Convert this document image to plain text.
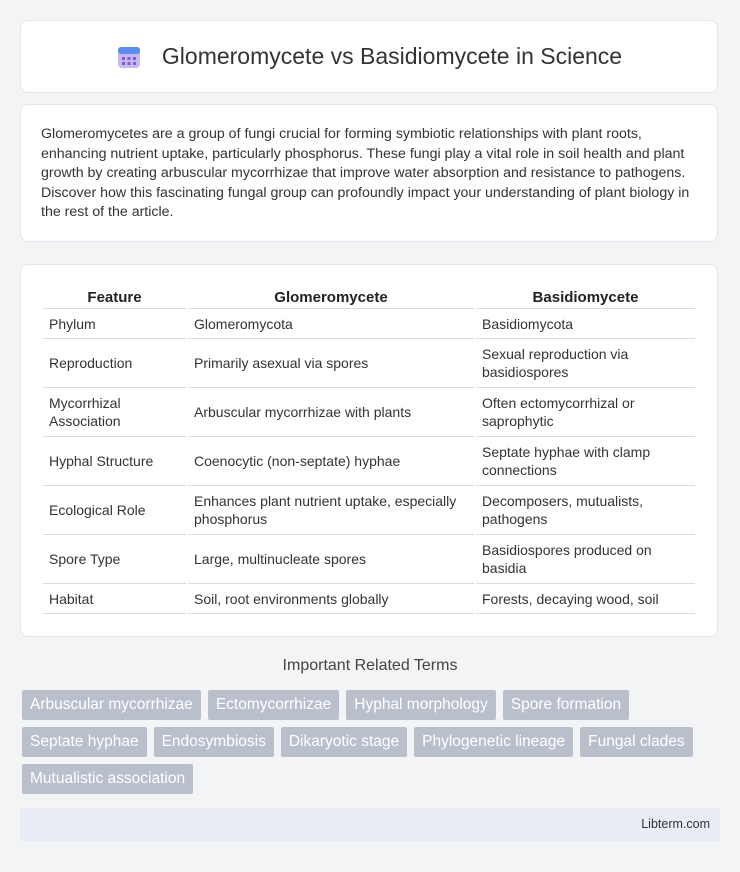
Glomeromycete vs Basidiomycete in Science

Glomeromycetes are a group of fungi crucial for forming symbiotic relationships with plant roots, enhancing nutrient uptake, particularly phosphorus. These fungi play a vital role in soil health and plant growth by creating arbuscular mycorrhizae that improve water absorption and resistance to pathogens. Discover how this fascinating fungal group can profoundly impact your understanding of plant biology in the rest of the article.

Feature	Glomeromycete	Basidiomycete
Phylum	Glomeromycota	Basidiomycota
Reproduction	Primarily asexual via spores	Sexual reproduction via basidiospores
Mycorrhizal Association	Arbuscular mycorrhizae with plants	Often ectomycorrhizal or saprophytic
Hyphal Structure	Coenocytic (non-septate) hyphae	Septate hyphae with clamp connections
Ecological Role	Enhances plant nutrient uptake, especially phosphorus	Decomposers, mutualists, pathogens
Spore Type	Large, multinucleate spores	Basidiospores produced on basidia
Habitat	Soil, root environments globally	Forests, decaying wood, soil
Important Related Terms
Arbuscular mycorrhizae	Ectomycorrhizae	Hyphal morphology	Spore formation
Septate hyphae	Endosymbiosis	Dikaryotic stage	Phylogenetic lineage	Fungal clades
Mutualistic association
Libterm.com
